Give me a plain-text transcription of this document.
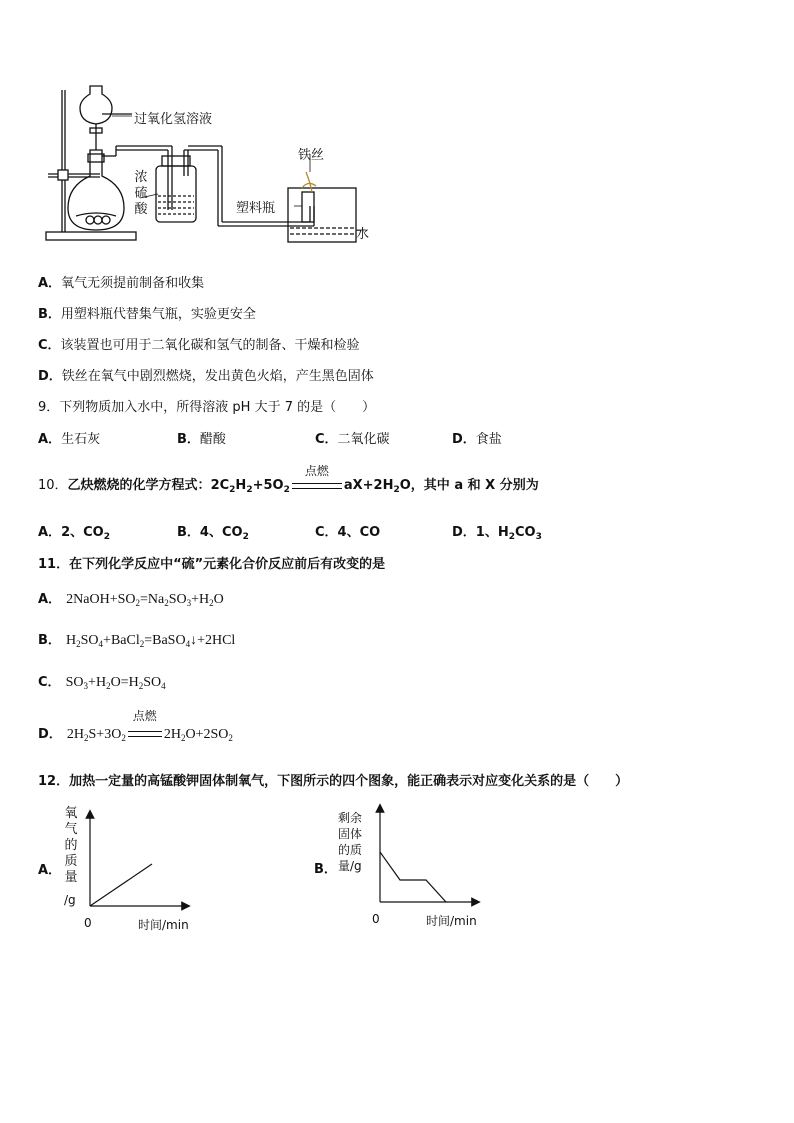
过氧化氢溶液
浓硫酸
铁丝
塑料瓶
水
A．氧气无须提前制备和收集
B．用塑料瓶代替集气瓶，实验更安全
C．该装置也可用于二氧化碳和氢气的制备、干燥和检验
D．铁丝在氧气中剧烈燃烧，发出黄色火焰，产生黑色固体
9．下列物质加入水中，所得溶液 pH 大于 7 的是（　　）
A．生石灰	B．醋酸	C．二氧化碳	D．食盐
10．乙炔燃烧的化学方程式：$2C_2H_2+5O_2$
点燃
$aX+2H_2O$，其中 a 和 X 分别为
A．2、$CO_2$	B．4、$CO_2$	C．4、CO	D．1、$H_2CO_3$
11．在下列化学反应中“硫”元素化合价反应前后有改变的是
A． $2NaOH+SO_2=Na_2SO_3+H_2O$
B． $H_2SO_4+BaCl_2=BaSO_4↓+2HCl$
C． $SO_3+H_2O=H_2SO_4$
D． $2H_2S+3O_2$
点燃
$2H_2O+2SO_2$
12．加热一定量的高锰酸钾固体制氧气，下图所示的四个图象，能正确表示对应变化关系的是（　　）
A．
氧气的质量
/g
0	时间/min
B．
剩余
固体
的质
量/g
0	时间/min
